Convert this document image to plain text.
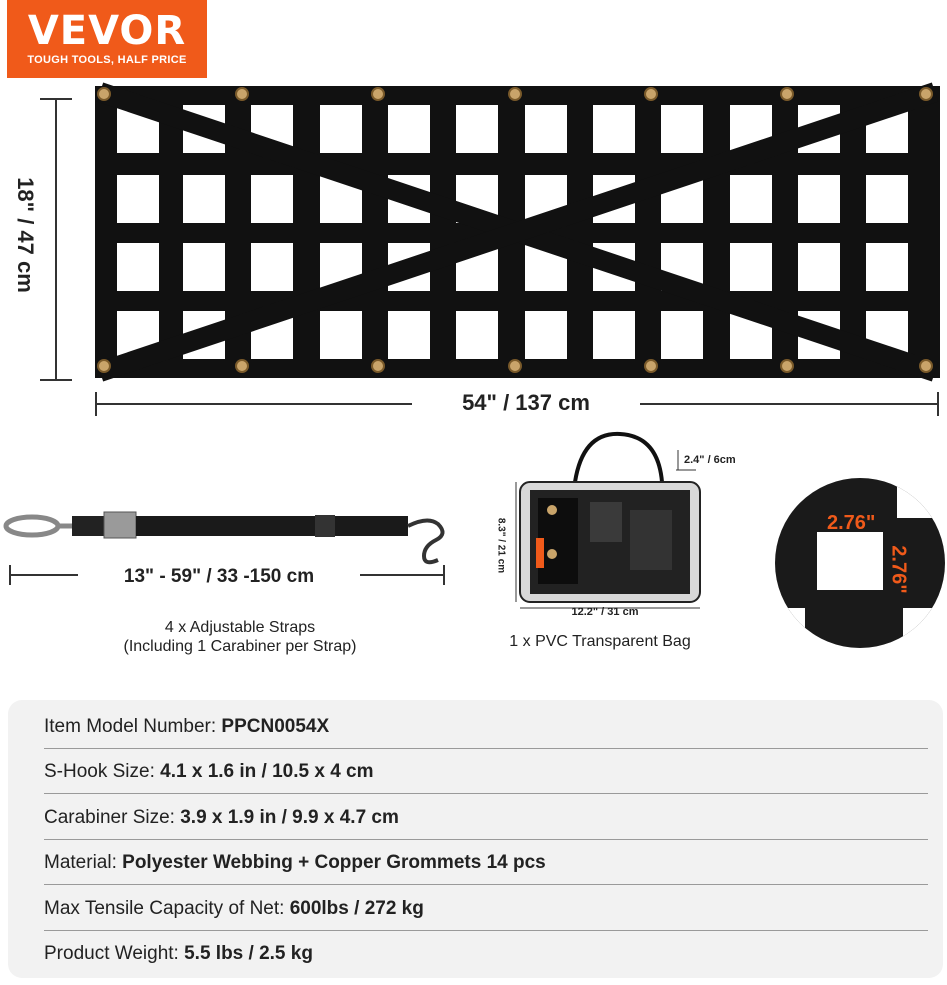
VEVOR
TOUGH TOOLS, HALF PRICE
18" / 47 cm
54" / 137 cm
13" - 59" / 33 -150 cm
4 x Adjustable Straps
(Including 1 Carabiner per Strap)
2.4" / 6cm
8.3" / 21 cm
12.2" / 31 cm
1 x PVC Transparent Bag
2.76"
2.76"
Item Model Number: PPCN0054X
S-Hook Size: 4.1 x 1.6 in / 10.5 x 4 cm
Carabiner Size: 3.9 x 1.9 in / 9.9 x 4.7 cm
Material: Polyester Webbing + Copper Grommets 14 pcs
Max Tensile Capacity of Net: 600lbs / 272 kg
Product Weight: 5.5 lbs / 2.5 kg
